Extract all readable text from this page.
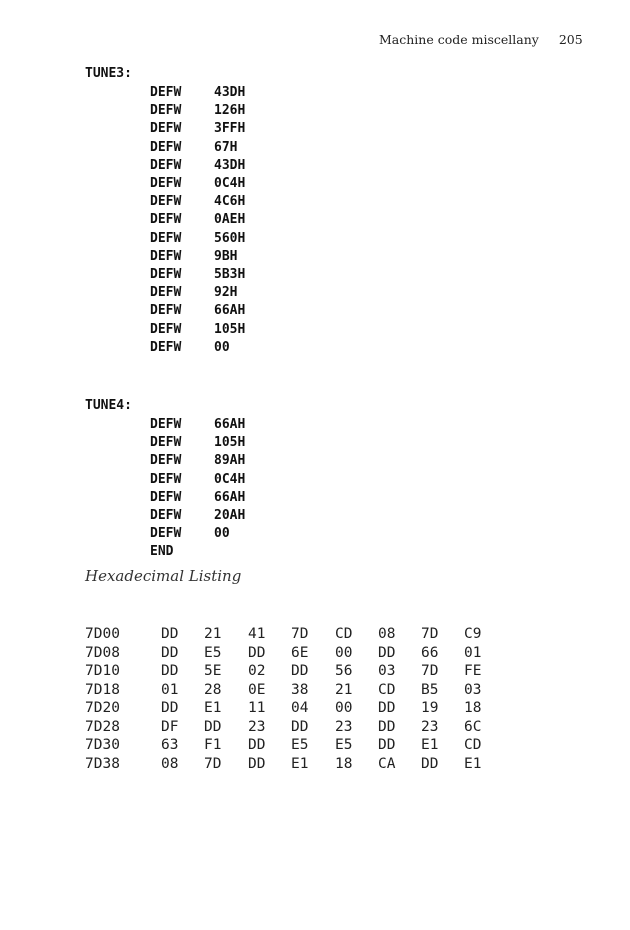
Machine code miscellany 205
TUNE3:
DEFW	43DH
DEFW	126H
DEFW	3FFH
DEFW	67H
DEFW	43DH
DEFW	0C4H
DEFW	4C6H
DEFW	0AEH
DEFW	560H
DEFW	9BH
DEFW	5B3H
DEFW	92H
DEFW	66AH
DEFW	105H
DEFW	00
TUNE4:
DEFW	66AH
DEFW	105H
DEFW	89AH
DEFW	0C4H
DEFW	66AH
DEFW	20AH
DEFW	00
END
Hexadecimal Listing
7D00	DD 21 41 7D CD 08 7D C9
7D08	DD E5 DD 6E 00 DD 66 01
7D10	DD 5E 02 DD 56 03 7D FE
7D18	01 28 0E 38 21 CD B5 03
7D20	DD E1 11 04 00 DD 19 18
7D28	DF DD 23 DD 23 DD 23 6C
7D30	63 F1 DD E5 E5 DD E1 CD
7D38	08 7D DD E1 18 CA DD E1
